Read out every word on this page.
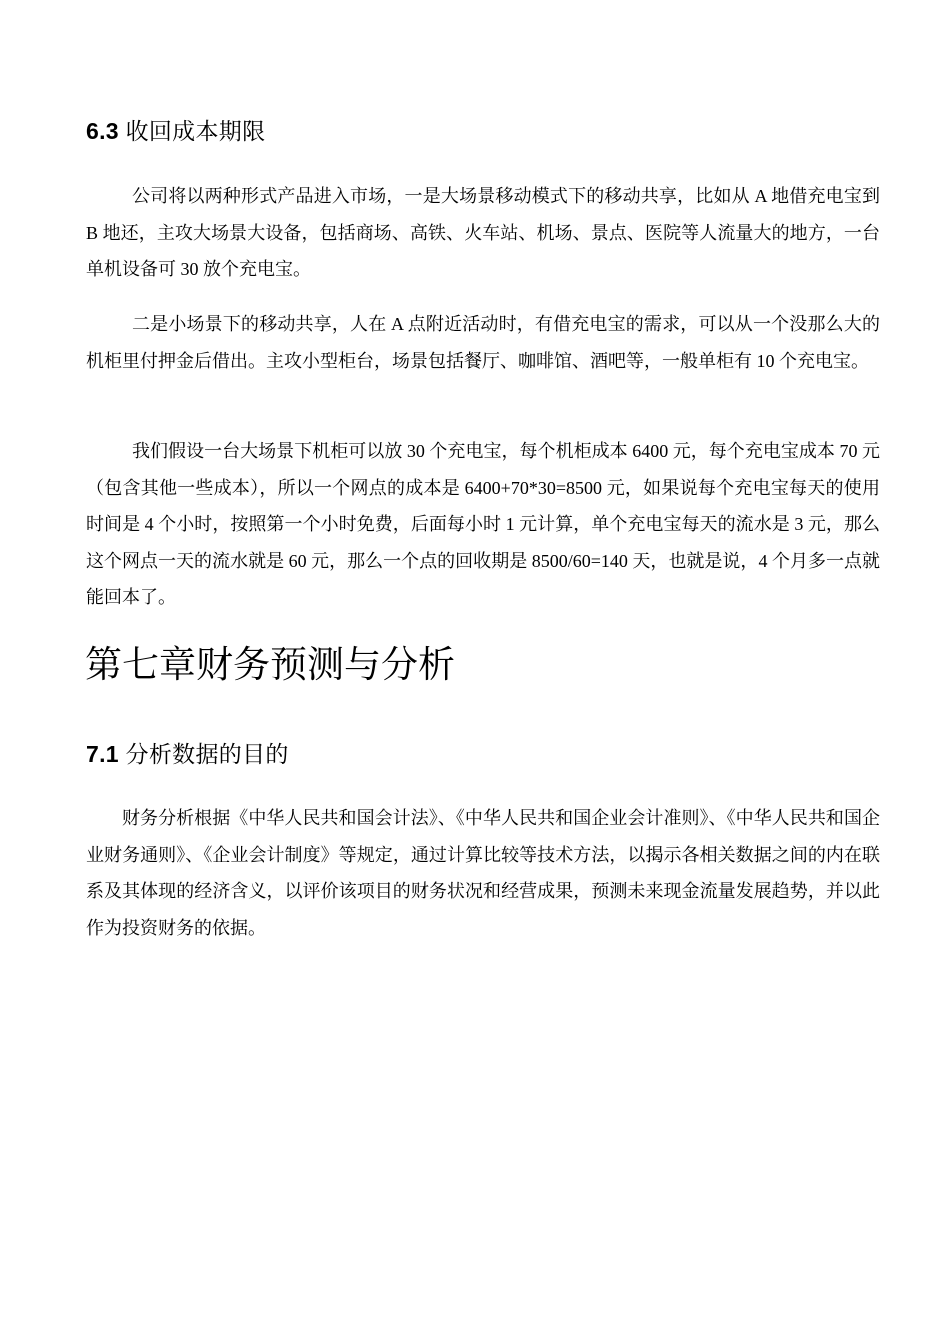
6.3 收回成本期限

公司将以两种形式产品进入市场，一是大场景移动模式下的移动共享，比如从 A 地借充电宝到 B 地还，主攻大场景大设备，包括商场、高铁、火车站、机场、景点、医院等人流量大的地方，一台单机设备可 30 放个充电宝。

二是小场景下的移动共享，人在 A 点附近活动时，有借充电宝的需求，可以从一个没那么大的机柜里付押金后借出。主攻小型柜台，场景包括餐厅、咖啡馆、酒吧等，一般单柜有 10 个充电宝。

我们假设一台大场景下机柜可以放 30 个充电宝，每个机柜成本 6400 元，每个充电宝成本 70 元（包含其他一些成本），所以一个网点的成本是 6400+70*30=8500 元，如果说每个充电宝每天的使用时间是 4 个小时，按照第一个小时免费，后面每小时 1 元计算，单个充电宝每天的流水是 3 元，那么这个网点一天的流水就是 60 元，那么一个点的回收期是 8500/60=140 天，也就是说，4 个月多一点就能回本了。

第七章财务预测与分析
7.1 分析数据的目的

财务分析根据《中华人民共和国会计法》、《中华人民共和国企业会计准则》、《中华人民共和国企业财务通则》、《企业会计制度》等规定，通过计算比较等技术方法，以揭示各相关数据之间的内在联系及其体现的经济含义，以评价该项目的财务状况和经营成果，预测未来现金流量发展趋势，并以此作为投资财务的依据。
